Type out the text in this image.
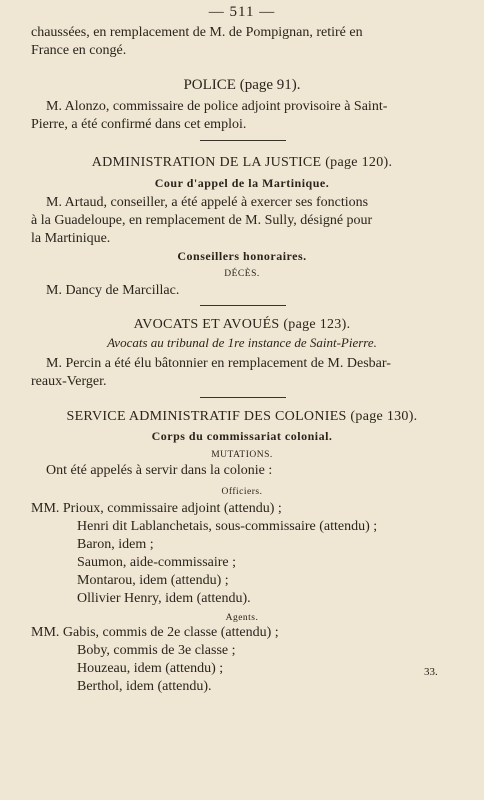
— 511 —
chaussées, en remplacement de M. de Pompignan, retiré en
France en congé.
POLICE (page 91).
M. Alonzo, commissaire de police adjoint provisoire à Saint-
Pierre, a été confirmé dans cet emploi.
ADMINISTRATION DE LA JUSTICE (page 120).
Cour d'appel de la Martinique.
M. Artaud, conseiller, a été appelé à exercer ses fonctions
à la Guadeloupe, en remplacement de M. Sully, désigné pour
la Martinique.
Conseillers honoraires.
DÉCÈS.
M. Dancy de Marcillac.
AVOCATS ET AVOUÉS (page 123).
Avocats au tribunal de 1re instance de Saint-Pierre.
M. Percin a été élu bâtonnier en remplacement de M. Desbar-
reaux-Verger.
SERVICE ADMINISTRATIF DES COLONIES (page 130).
Corps du commissariat colonial.
MUTATIONS.
Ont été appelés à servir dans la colonie :
Officiers.
MM. Prioux, commissaire adjoint (attendu) ;
Henri dit Lablanchetais, sous-commissaire (attendu) ;
Baron, idem ;
Saumon, aide-commissaire ;
Montarou, idem (attendu) ;
Ollivier Henry, idem (attendu).
Agents.
MM. Gabis, commis de 2e classe (attendu) ;
Boby, commis de 3e classe ;
Houzeau, idem (attendu) ;
Berthol, idem (attendu).
33.
